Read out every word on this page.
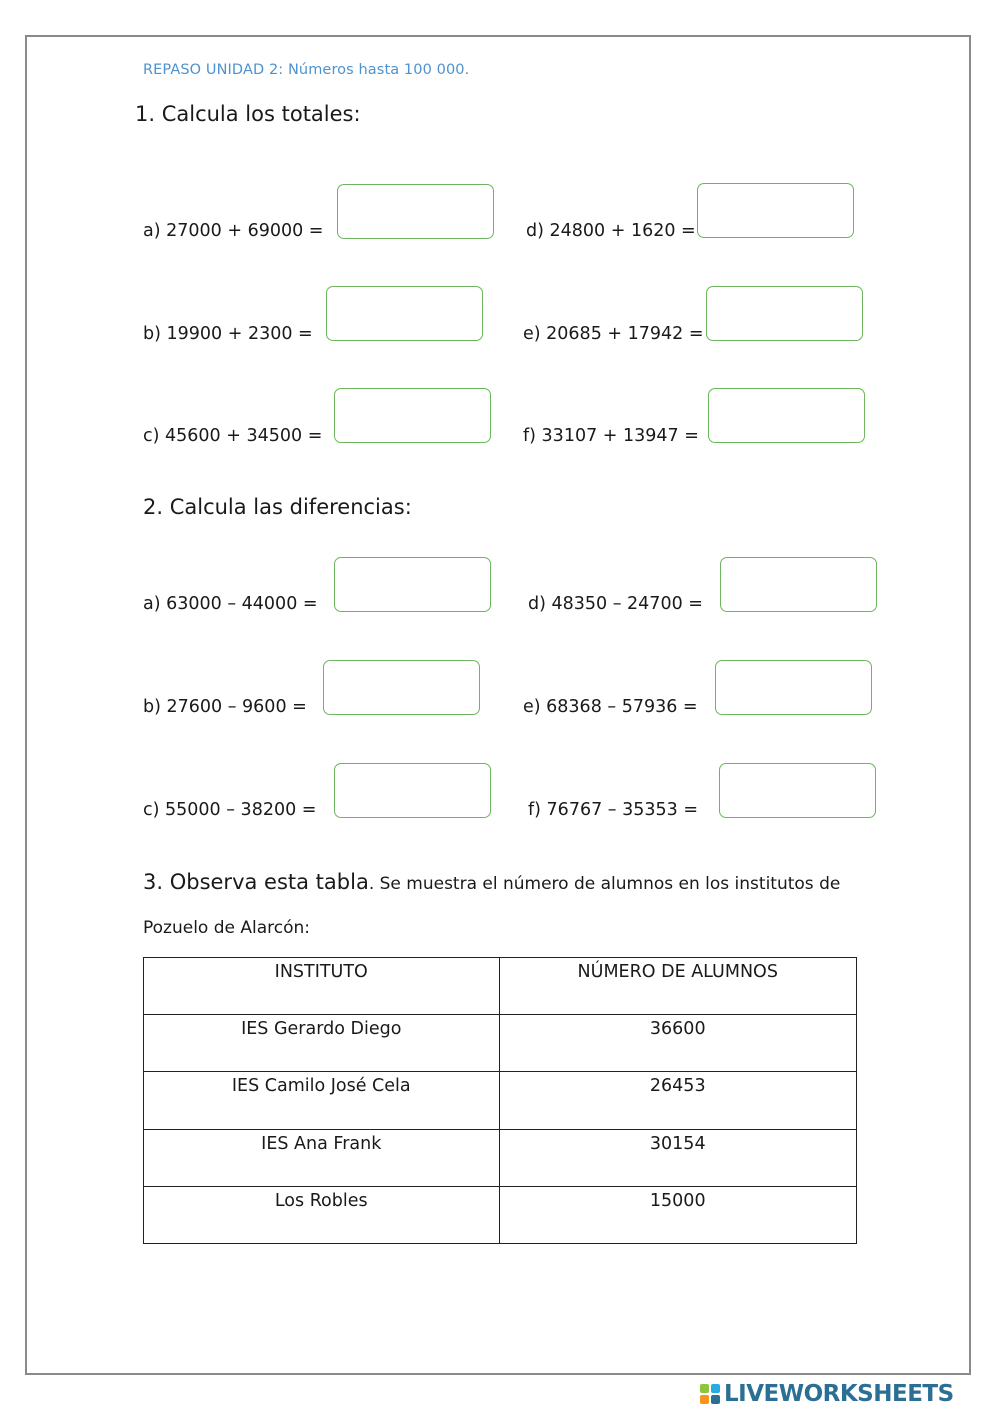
REPASO UNIDAD 2: Números hasta 100 000.
1. Calcula los totales:
a) 27000 + 69000 =	d) 24800 + 1620 =
b) 19900 + 2300 =	e) 20685 + 17942 =
c) 45600 + 34500 =	f) 33107 + 13947 =
2. Calcula las diferencias:
a) 63000 – 44000 =	d) 48350 – 24700 =
b) 27600 – 9600 =	e) 68368 – 57936 =
c) 55000 – 38200 =	f) 76767 – 35353 =
3. Observa esta tabla. Se muestra el número de alumnos en los institutos de
Pozuelo de Alarcón:
INSTITUTO	NÚMERO DE ALUMNOS
IES Gerardo Diego	36600
IES Camilo José Cela	26453
IES Ana Frank	30154
Los Robles	15000
LIVEWORKSHEETS
